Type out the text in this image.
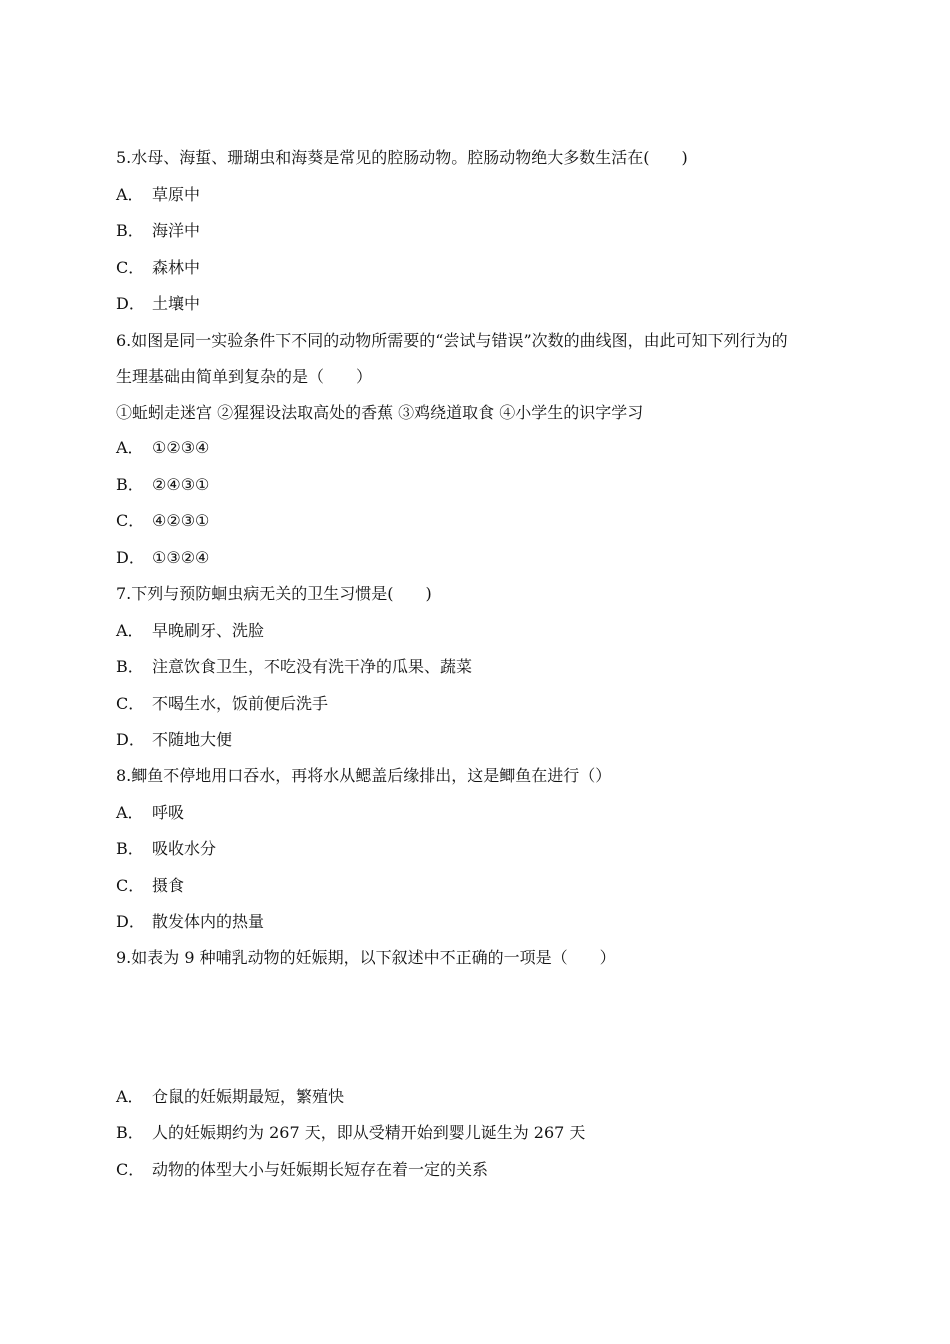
5.水母、海蜇、珊瑚虫和海葵是常见的腔肠动物。腔肠动物绝大多数生活在(　　)
A． 草原中
B． 海洋中
C． 森林中
D． 土壤中
6.如图是同一实验条件下不同的动物所需要的“尝试与错误”次数的曲线图，由此可知下列行为的
生理基础由简单到复杂的是（　　）
①蚯蚓走迷宫 ②猩猩设法取高处的香蕉 ③鸡绕道取食 ④小学生的识字学习
A． ①②③④
B． ②④③①
C． ④②③①
D． ①③②④
7.下列与预防蛔虫病无关的卫生习惯是(　　)
A． 早晚刷牙、洗脸
B． 注意饮食卫生，不吃没有洗干净的瓜果、蔬菜
C． 不喝生水，饭前便后洗手
D． 不随地大便
8.鲫鱼不停地用口吞水，再将水从鳃盖后缘排出，这是鲫鱼在进行（）
A． 呼吸
B． 吸收水分
C． 摄食
D． 散发体内的热量
9.如表为 9 种哺乳动物的妊娠期，以下叙述中不正确的一项是（　　）
A． 仓鼠的妊娠期最短，繁殖快
B． 人的妊娠期约为 267 天，即从受精开始到婴儿诞生为 267 天
C． 动物的体型大小与妊娠期长短存在着一定的关系
